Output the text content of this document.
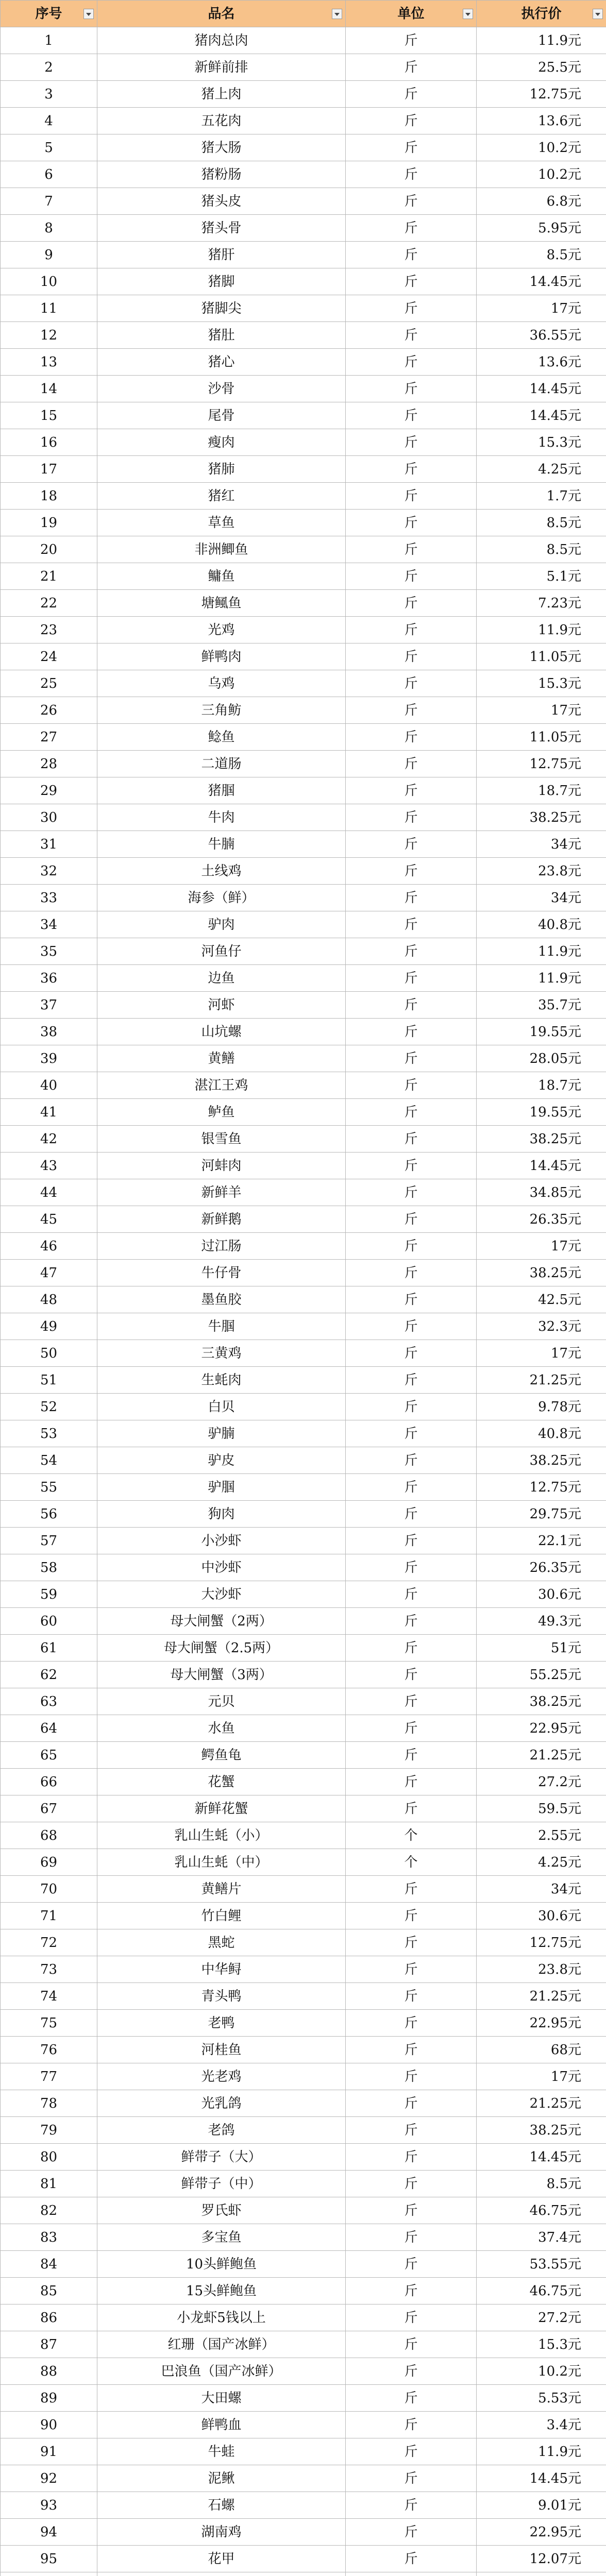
序号	品名	单位	执行价

1	猪肉总肉	斤	11.9元
2	新鲜前排	斤	25.5元
3	猪上肉	斤	12.75元
4	五花肉	斤	13.6元
5	猪大肠	斤	10.2元
6	猪粉肠	斤	10.2元
7	猪头皮	斤	6.8元
8	猪头骨	斤	5.95元
9	猪肝	斤	8.5元
10	猪脚	斤	14.45元
11	猪脚尖	斤	17元
12	猪肚	斤	36.55元
13	猪心	斤	13.6元
14	沙骨	斤	14.45元
15	尾骨	斤	14.45元
16	瘦肉	斤	15.3元
17	猪肺	斤	4.25元
18	猪红	斤	1.7元
19	草鱼	斤	8.5元
20	非洲鲫鱼	斤	8.5元
21	鳙鱼	斤	5.1元
22	塘鲺鱼	斤	7.23元
23	光鸡	斤	11.9元
24	鲜鸭肉	斤	11.05元
25	乌鸡	斤	15.3元
26	三角鲂	斤	17元
27	鲶鱼	斤	11.05元
28	二道肠	斤	12.75元
29	猪腘	斤	18.7元
30	牛肉	斤	38.25元
31	牛腩	斤	34元
32	土线鸡	斤	23.8元
33	海参（鲜）	斤	34元
34	驴肉	斤	40.8元
35	河鱼仔	斤	11.9元
36	边鱼	斤	11.9元
37	河虾	斤	35.7元
38	山坑螺	斤	19.55元
39	黄鳝	斤	28.05元
40	湛江王鸡	斤	18.7元
41	鲈鱼	斤	19.55元
42	银雪鱼	斤	38.25元
43	河蚌肉	斤	14.45元
44	新鲜羊	斤	34.85元
45	新鲜鹅	斤	26.35元
46	过江肠	斤	17元
47	牛仔骨	斤	38.25元
48	墨鱼胶	斤	42.5元
49	牛腘	斤	32.3元
50	三黄鸡	斤	17元
51	生蚝肉	斤	21.25元
52	白贝	斤	9.78元
53	驴腩	斤	40.8元
54	驴皮	斤	38.25元
55	驴腘	斤	12.75元
56	狗肉	斤	29.75元
57	小沙虾	斤	22.1元
58	中沙虾	斤	26.35元
59	大沙虾	斤	30.6元
60	母大闸蟹（2两）	斤	49.3元
61	母大闸蟹（2.5两）	斤	51元
62	母大闸蟹（3两）	斤	55.25元
63	元贝	斤	38.25元
64	水鱼	斤	22.95元
65	鳄鱼龟	斤	21.25元
66	花蟹	斤	27.2元
67	新鲜花蟹	斤	59.5元
68	乳山生蚝（小）	个	2.55元
69	乳山生蚝（中）	个	4.25元
70	黄鳝片	斤	34元
71	竹白鲤	斤	30.6元
72	黑蛇	斤	12.75元
73	中华鲟	斤	23.8元
74	青头鸭	斤	21.25元
75	老鸭	斤	22.95元
76	河桂鱼	斤	68元
77	光老鸡	斤	17元
78	光乳鸽	斤	21.25元
79	老鸽	斤	38.25元
80	鲜带子（大）	斤	14.45元
81	鲜带子（中）	斤	8.5元
82	罗氏虾	斤	46.75元
83	多宝鱼	斤	37.4元
84	10头鲜鲍鱼	斤	53.55元
85	15头鲜鲍鱼	斤	46.75元
86	小龙虾5钱以上	斤	27.2元
87	红珊（国产冰鲜）	斤	15.3元
88	巴浪鱼（国产冰鲜）	斤	10.2元
89	大田螺	斤	5.53元
90	鲜鸭血	斤	3.4元
91	牛蛙	斤	11.9元
92	泥鳅	斤	14.45元
93	石螺	斤	9.01元
94	湖南鸡	斤	22.95元
95	花甲	斤	12.07元
